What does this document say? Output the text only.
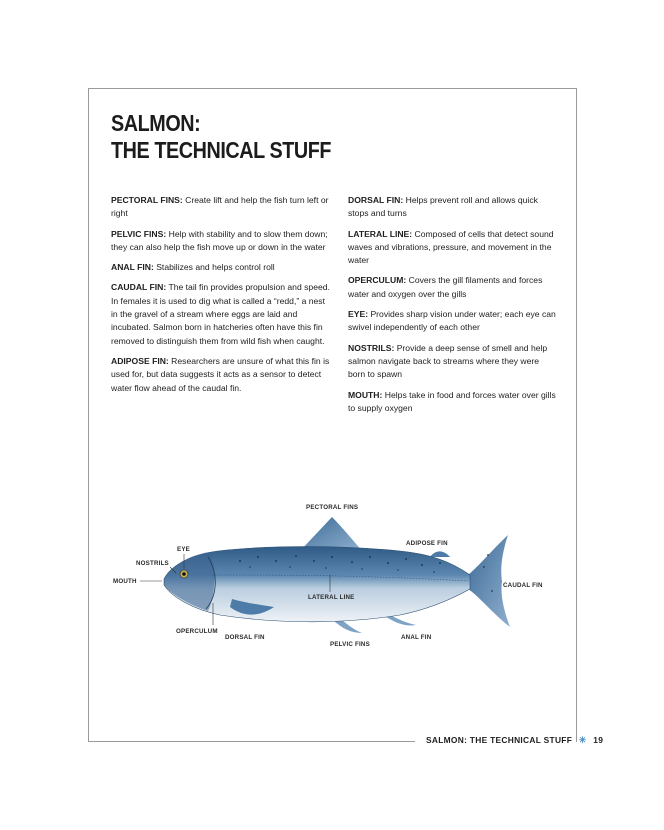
SALMON:
THE TECHNICAL STUFF

PECTORAL FINS: Create lift and help the fish turn left or right

PELVIC FINS: Help with stability and to slow them down; they can also help the fish move up or down in the water

ANAL FIN: Stabilizes and helps control roll

CAUDAL FIN: The tail fin provides propulsion and speed. In females it is used to dig what is called a “redd,” a nest in the gravel of a stream where eggs are laid and incubated. Salmon born in hatcheries often have this fin removed to distinguish them from wild fish when caught.

ADIPOSE FIN: Researchers are unsure of what this fin is used for, but data suggests it acts as a sensor to detect water flow ahead of the caudal fin.

DORSAL FIN: Helps prevent roll and allows quick stops and turns

LATERAL LINE: Composed of cells that detect sound waves and vibrations, pressure, and movement in the water

OPERCULUM: Covers the gill filaments and forces water and oxygen over the gills

EYE: Provides sharp vision under water; each eye can swivel independently of each other

NOSTRILS: Provide a deep sense of smell and help salmon navigate back to streams where they were born to spawn

MOUTH: Helps take in food and forces water over gills to supply oxygen

PECTORAL FINS
EYE
ADIPOSE FIN
NOSTRILS
MOUTH
CAUDAL FIN
LATERAL LINE
OPERCULUM
DORSAL FIN	ANAL FIN
PELVIC FINS
SALMON: THE TECHNICAL STUFF ✳ 19
